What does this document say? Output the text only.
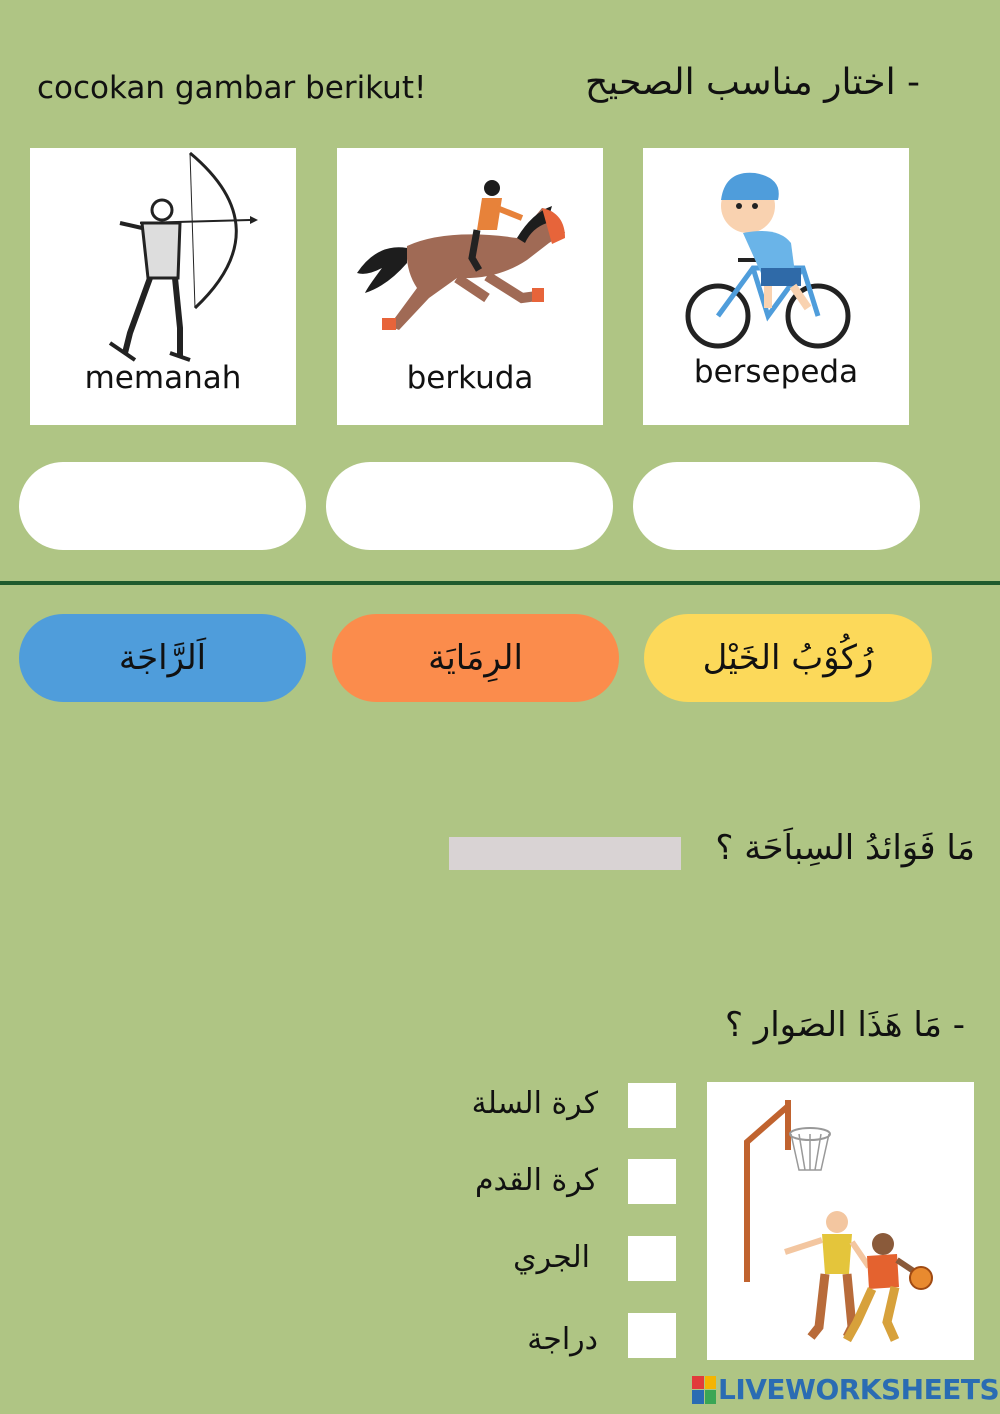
cocokan gambar berikut!	- اختار مناسب الصحيح
memanah	berkuda	bersepeda
اَلرَّاجَة	الرِمَايَة	رُكُوْبُ الخَيْل
مَا فَوَائدُ السِباَحَة ؟
- مَا هَذَا الصَوار ؟
كرة السلة
كرة القدم
الجري
دراجة
LIVEWORKSHEETS
